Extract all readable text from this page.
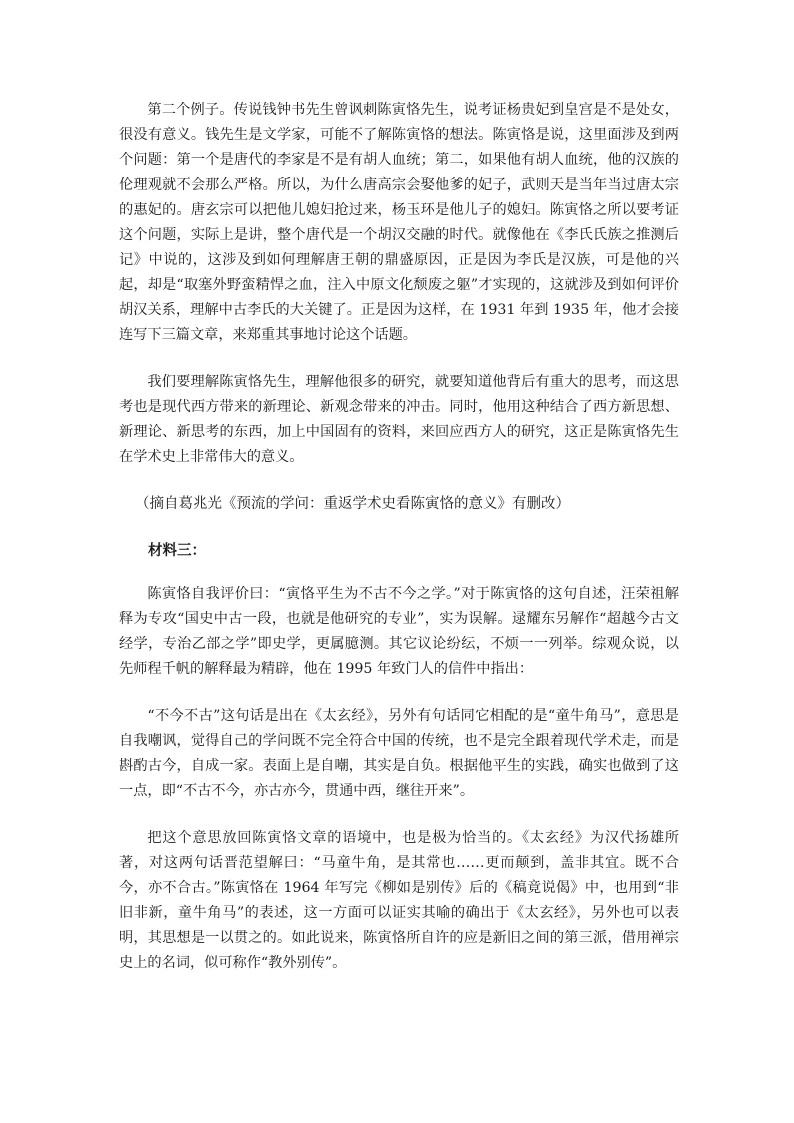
第二个例子。传说钱钟书先生曾讽刺陈寅恪先生，说考证杨贵妃到皇宫是不是处女，很没有意义。钱先生是文学家，可能不了解陈寅恪的想法。陈寅恪是说，这里面涉及到两个问题：第一个是唐代的李家是不是有胡人血统；第二，如果他有胡人血统，他的汉族的伦理观就不会那么严格。所以，为什么唐高宗会娶他爹的妃子，武则天是当年当过唐太宗的惠妃的。唐玄宗可以把他儿媳妇抢过来，杨玉环是他儿子的媳妇。陈寅恪之所以要考证这个问题，实际上是讲，整个唐代是一个胡汉交融的时代。就像他在《李氏氏族之推测后记》中说的，这涉及到如何理解唐王朝的鼎盛原因，正是因为李氏是汉族，可是他的兴起，却是“取塞外野蛮精悍之血，注入中原文化颓废之躯”才实现的，这就涉及到如何评价胡汉关系，理解中古李氏的大关键了。正是因为这样，在 1931 年到 1935 年，他才会接连写下三篇文章，来郑重其事地讨论这个话题。

我们要理解陈寅恪先生，理解他很多的研究，就要知道他背后有重大的思考，而这思考也是现代西方带来的新理论、新观念带来的冲击。同时，他用这种结合了西方新思想、新理论、新思考的东西，加上中国固有的资料，来回应西方人的研究，这正是陈寅恪先生在学术史上非常伟大的意义。

（摘自葛兆光《预流的学问：重返学术史看陈寅恪的意义》有删改）

材料三：

陈寅恪自我评价曰：“寅恪平生为不古不今之学。”对于陈寅恪的这句自述，汪荣祖解释为专攻“国史中古一段，也就是他研究的专业”，实为误解。逯耀东另解作“超越今古文经学，专治乙部之学”即史学，更属臆测。其它议论纷纭，不烦一一列举。综观众说，以先师程千帆的解释最为精辟，他在 1995 年致门人的信件中指出：

“不今不古”这句话是出在《太玄经》，另外有句话同它相配的是“童牛角马”，意思是自我嘲讽，觉得自己的学问既不完全符合中国的传统，也不是完全跟着现代学术走，而是斟酌古今，自成一家。表面上是自嘲，其实是自负。根据他平生的实践，确实也做到了这一点，即“不古不今，亦古亦今，贯通中西，继往开来”。

把这个意思放回陈寅恪文章的语境中，也是极为恰当的。《太玄经》为汉代扬雄所著，对这两句话晋范望解曰：“马童牛角，是其常也……更而颠到，盖非其宜。既不合今，亦不合古。”陈寅恪在 1964 年写完《柳如是别传》后的《稿竟说偈》中，也用到“非旧非新，童牛角马”的表述，这一方面可以证实其喻的确出于《太玄经》，另外也可以表明，其思想是一以贯之的。如此说来，陈寅恪所自许的应是新旧之间的第三派，借用禅宗史上的名词，似可称作“教外别传”。
